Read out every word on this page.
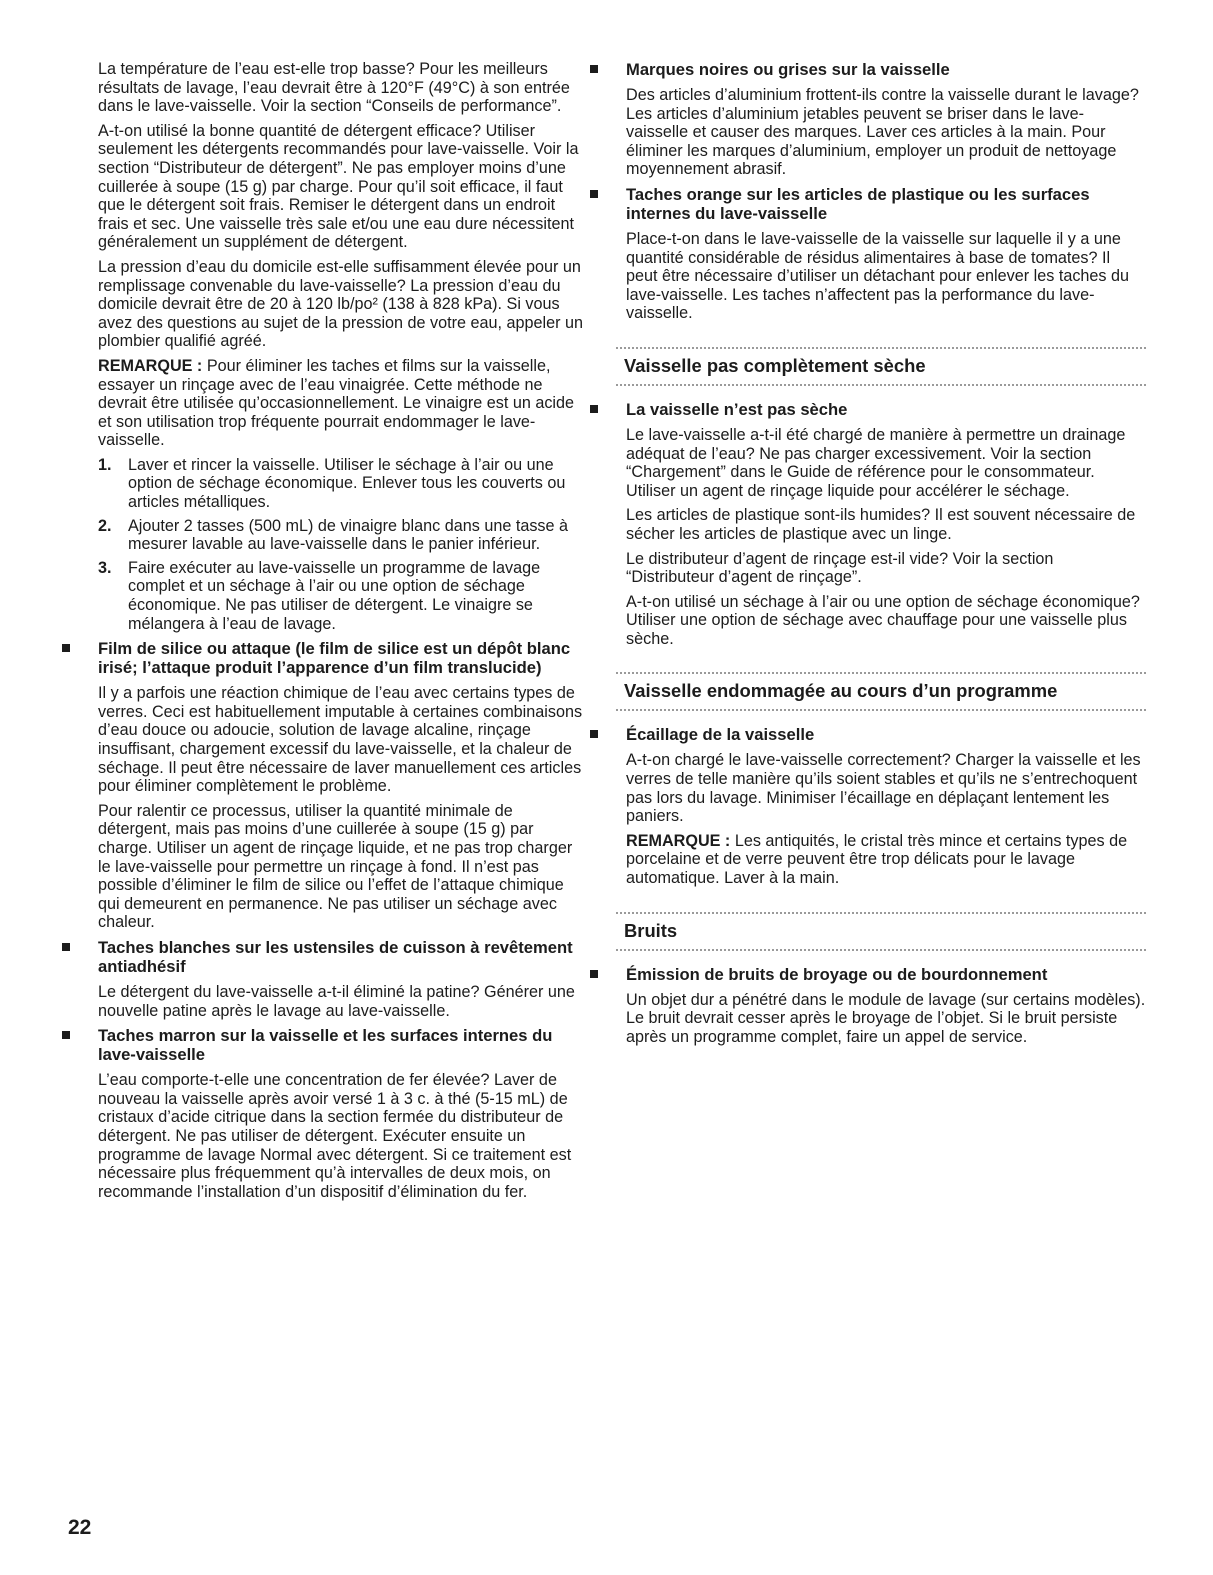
La température de l’eau est-elle trop basse? Pour les meilleurs résultats de lavage, l’eau devrait être à 120°F (49°C) à son entrée dans le lave-vaisselle. Voir la section “Conseils de performance”.

A-t-on utilisé la bonne quantité de détergent efficace? Utiliser seulement les détergents recommandés pour lave-vaisselle. Voir la section “Distributeur de détergent”. Ne pas employer moins d’une cuillerée à soupe (15 g) par charge. Pour qu’il soit efficace, il faut que le détergent soit frais. Remiser le détergent dans un endroit frais et sec. Une vaisselle très sale et/ou une eau dure nécessitent généralement un supplément de détergent.

La pression d’eau du domicile est-elle suffisamment élevée pour un remplissage convenable du lave-vaisselle? La pression d’eau du domicile devrait être de 20 à 120 lb/po² (138 à 828 kPa). Si vous avez des questions au sujet de la pression de votre eau, appeler un plombier qualifié agréé.

REMARQUE : Pour éliminer les taches et films sur la vaisselle, essayer un rinçage avec de l’eau vinaigrée. Cette méthode ne devrait être utilisée qu’occasionnellement. Le vinaigre est un acide et son utilisation trop fréquente pourrait endommager le lave-vaisselle.

1. Laver et rincer la vaisselle. Utiliser le séchage à l’air ou une option de séchage économique. Enlever tous les couverts ou articles métalliques.
2. Ajouter 2 tasses (500 mL) de vinaigre blanc dans une tasse à mesurer lavable au lave-vaisselle dans le panier inférieur.
3. Faire exécuter au lave-vaisselle un programme de lavage complet et un séchage à l’air ou une option de séchage économique. Ne pas utiliser de détergent. Le vinaigre se mélangera à l’eau de lavage.

Film de silice ou attaque (le film de silice est un dépôt blanc irisé; l’attaque produit l’apparence d’un film translucide)

Il y a parfois une réaction chimique de l’eau avec certains types de verres. Ceci est habituellement imputable à certaines combinaisons d’eau douce ou adoucie, solution de lavage alcaline, rinçage insuffisant, chargement excessif du lave-vaisselle, et la chaleur de séchage. Il peut être nécessaire de laver manuellement ces articles pour éliminer complètement le problème.

Pour ralentir ce processus, utiliser la quantité minimale de détergent, mais pas moins d’une cuillerée à soupe (15 g) par charge. Utiliser un agent de rinçage liquide, et ne pas trop charger le lave-vaisselle pour permettre un rinçage à fond. Il n’est pas possible d’éliminer le film de silice ou l’effet de l’attaque chimique qui demeurent en permanence. Ne pas utiliser un séchage avec chaleur.

Taches blanches sur les ustensiles de cuisson à revêtement antiadhésif

Le détergent du lave-vaisselle a-t-il éliminé la patine? Générer une nouvelle patine après le lavage au lave-vaisselle.

Taches marron sur la vaisselle et les surfaces internes du lave-vaisselle

L’eau comporte-t-elle une concentration de fer élevée? Laver de nouveau la vaisselle après avoir versé 1 à 3 c. à thé (5-15 mL) de cristaux d’acide citrique dans la section fermée du distributeur de détergent. Ne pas utiliser de détergent. Exécuter ensuite un programme de lavage Normal avec détergent. Si ce traitement est nécessaire plus fréquemment qu’à intervalles de deux mois, on recommande l’installation d’un dispositif d’élimination du fer.

Marques noires ou grises sur la vaisselle

Des articles d’aluminium frottent-ils contre la vaisselle durant le lavage? Les articles d’aluminium jetables peuvent se briser dans le lave-vaisselle et causer des marques. Laver ces articles à la main. Pour éliminer les marques d’aluminium, employer un produit de nettoyage moyennement abrasif.

Taches orange sur les articles de plastique ou les surfaces internes du lave-vaisselle

Place-t-on dans le lave-vaisselle de la vaisselle sur laquelle il y a une quantité considérable de résidus alimentaires à base de tomates? Il peut être nécessaire d’utiliser un détachant pour enlever les taches du lave-vaisselle. Les taches n’affectent pas la performance du lave-vaisselle.

Vaisselle pas complètement sèche

La vaisselle n’est pas sèche

Le lave-vaisselle a-t-il été chargé de manière à permettre un drainage adéquat de l’eau? Ne pas charger excessivement. Voir la section “Chargement” dans le Guide de référence pour le consommateur. Utiliser un agent de rinçage liquide pour accélérer le séchage.

Les articles de plastique sont-ils humides? Il est souvent nécessaire de sécher les articles de plastique avec un linge.

Le distributeur d’agent de rinçage est-il vide? Voir la section “Distributeur d’agent de rinçage”.

A-t-on utilisé un séchage à l’air ou une option de séchage économique? Utiliser une option de séchage avec chauffage pour une vaisselle plus sèche.

Vaisselle endommagée au cours d’un programme

Écaillage de la vaisselle

A-t-on chargé le lave-vaisselle correctement? Charger la vaisselle et les verres de telle manière qu’ils soient stables et qu’ils ne s’entrechoquent pas lors du lavage. Minimiser l’écaillage en déplaçant lentement les paniers.

REMARQUE : Les antiquités, le cristal très mince et certains types de porcelaine et de verre peuvent être trop délicats pour le lavage automatique. Laver à la main.

Bruits

Émission de bruits de broyage ou de bourdonnement

Un objet dur a pénétré dans le module de lavage (sur certains modèles). Le bruit devrait cesser après le broyage de l’objet. Si le bruit persiste après un programme complet, faire un appel de service.

22
